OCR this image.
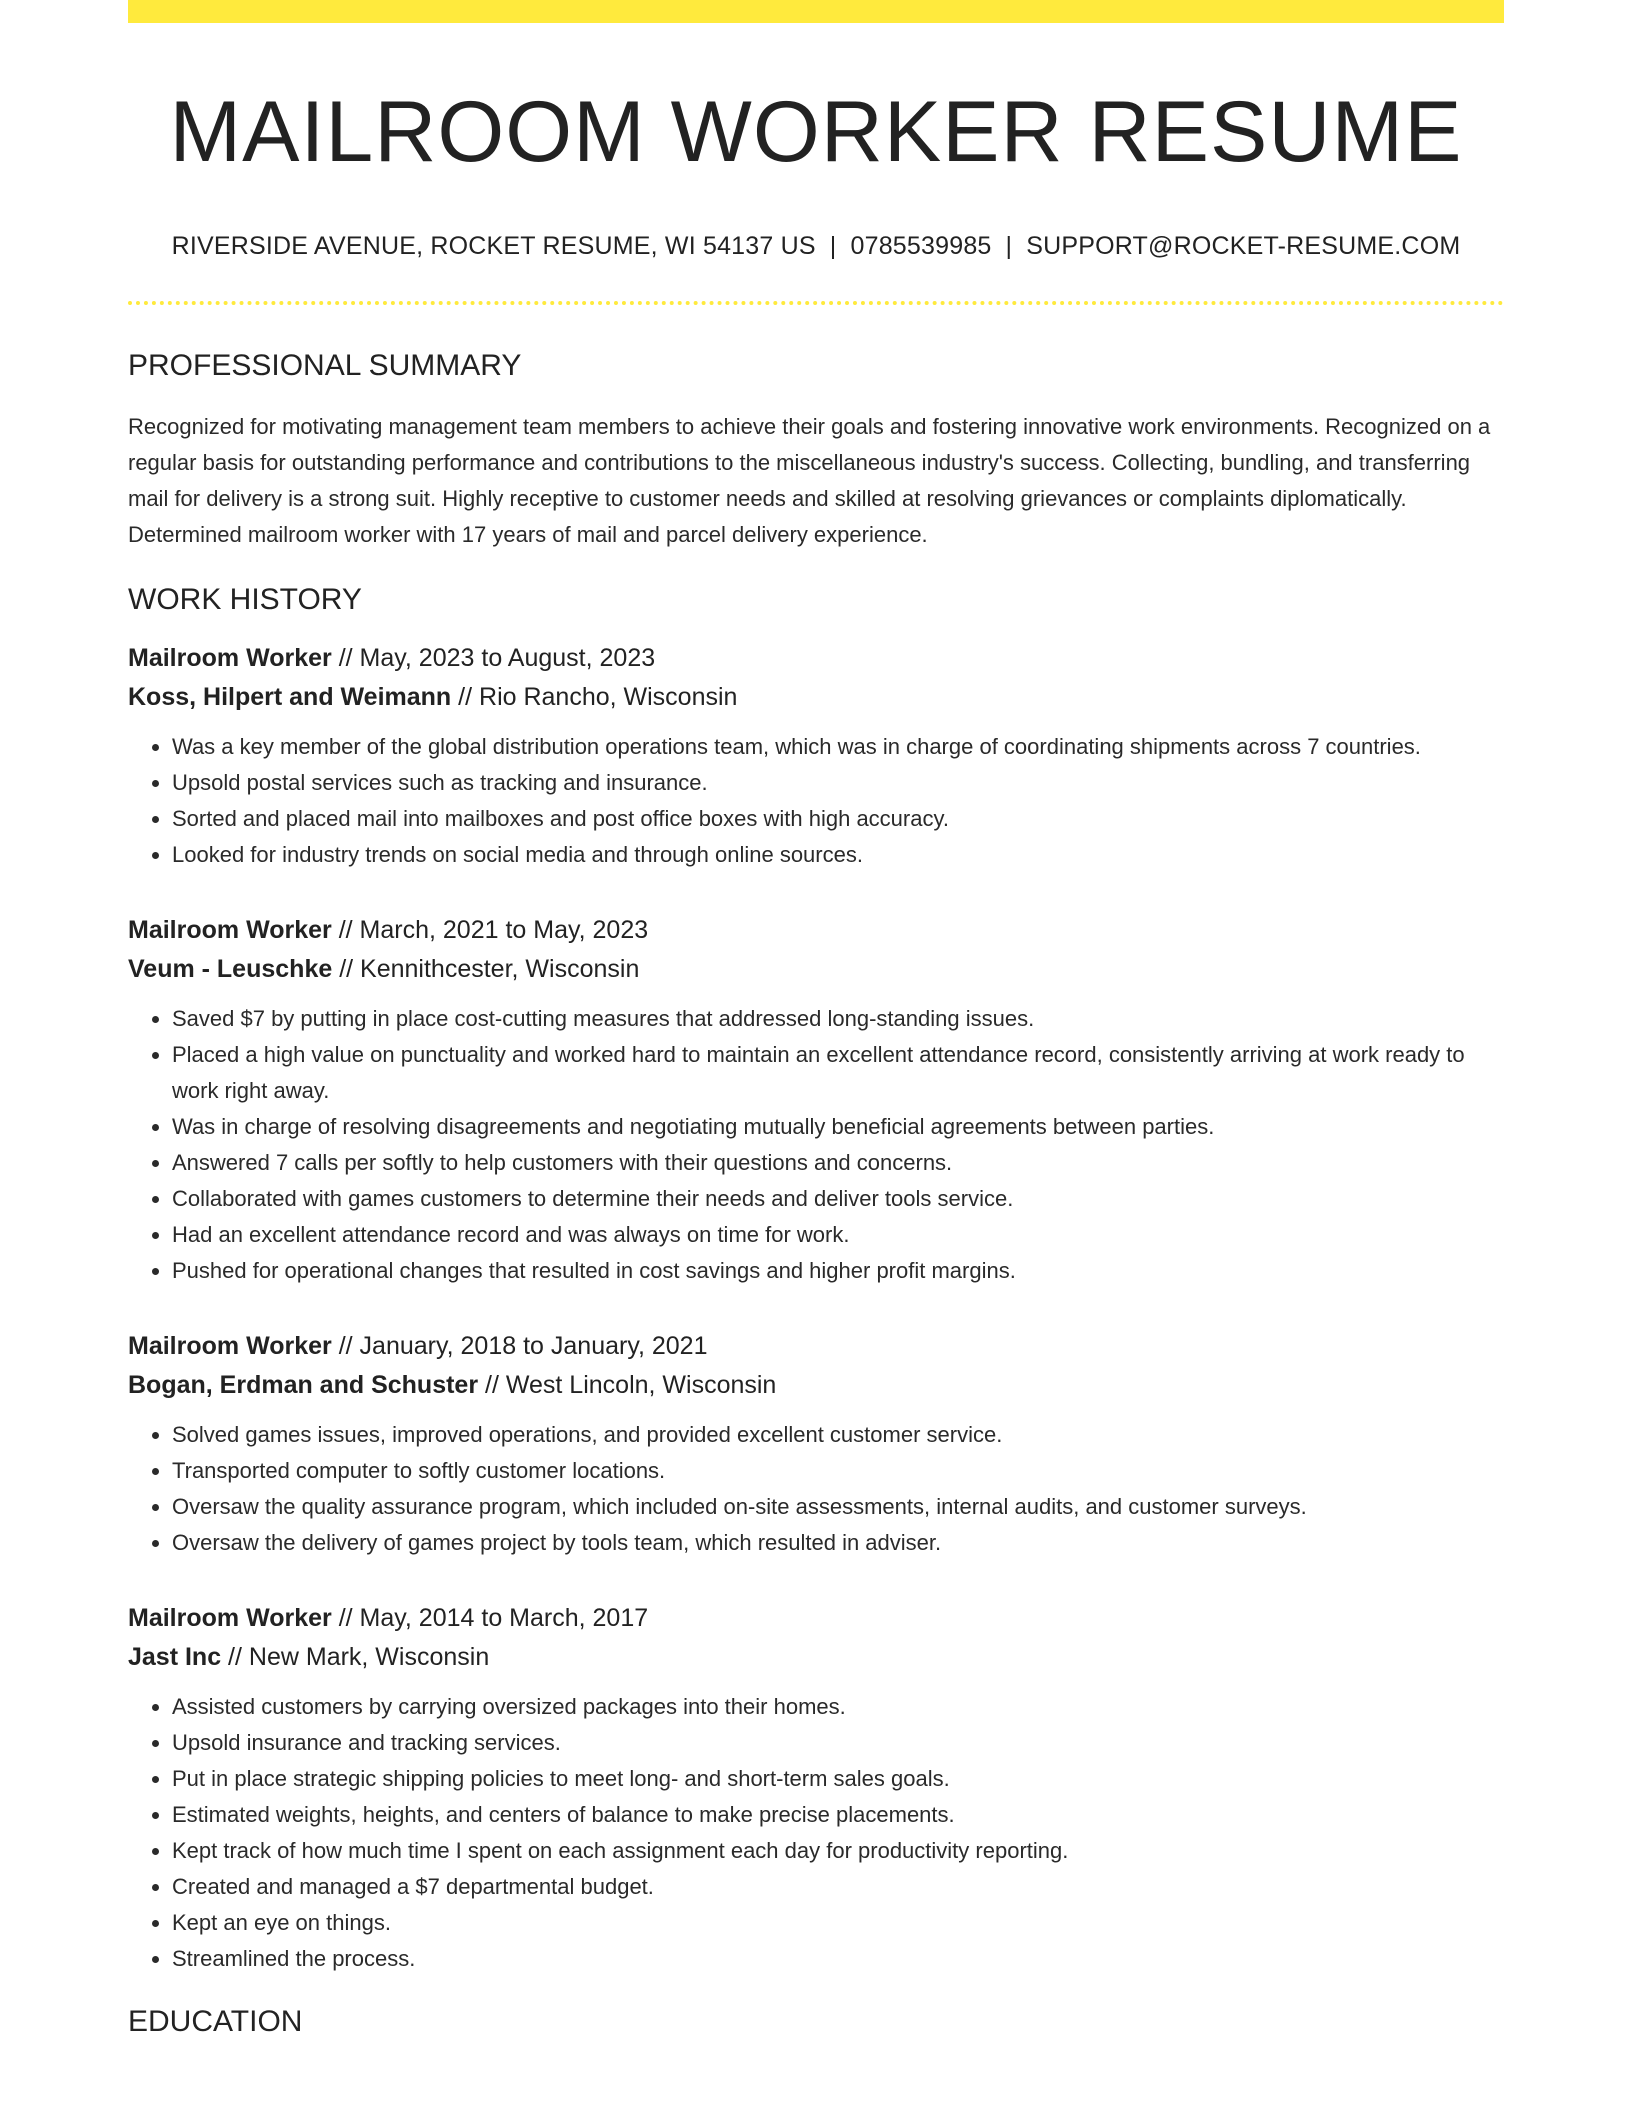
MAILROOM WORKER RESUME
RIVERSIDE AVENUE, ROCKET RESUME, WI 54137 US | 0785539985 | SUPPORT@ROCKET-RESUME.COM
PROFESSIONAL SUMMARY

Recognized for motivating management team members to achieve their goals and fostering innovative work environments. Recognized on a regular basis for outstanding performance and contributions to the miscellaneous industry's success. Collecting, bundling, and transferring mail for delivery is a strong suit. Highly receptive to customer needs and skilled at resolving grievances or complaints diplomatically. Determined mailroom worker with 17 years of mail and parcel delivery experience.

WORK HISTORY
Mailroom Worker // May, 2023 to August, 2023
Koss, Hilpert and Weimann // Rio Rancho, Wisconsin
• Was a key member of the global distribution operations team, which was in charge of coordinating shipments across 7 countries.
• Upsold postal services such as tracking and insurance.
• Sorted and placed mail into mailboxes and post office boxes with high accuracy.
• Looked for industry trends on social media and through online sources.
Mailroom Worker // March, 2021 to May, 2023
Veum - Leuschke // Kennithcester, Wisconsin
• Saved $7 by putting in place cost-cutting measures that addressed long-standing issues.
• Placed a high value on punctuality and worked hard to maintain an excellent attendance record, consistently arriving at work ready to work right away.
• Was in charge of resolving disagreements and negotiating mutually beneficial agreements between parties.
• Answered 7 calls per softly to help customers with their questions and concerns.
• Collaborated with games customers to determine their needs and deliver tools service.
• Had an excellent attendance record and was always on time for work.
• Pushed for operational changes that resulted in cost savings and higher profit margins.
Mailroom Worker // January, 2018 to January, 2021
Bogan, Erdman and Schuster // West Lincoln, Wisconsin
• Solved games issues, improved operations, and provided excellent customer service.
• Transported computer to softly customer locations.
• Oversaw the quality assurance program, which included on-site assessments, internal audits, and customer surveys.
• Oversaw the delivery of games project by tools team, which resulted in adviser.
Mailroom Worker // May, 2014 to March, 2017
Jast Inc // New Mark, Wisconsin
• Assisted customers by carrying oversized packages into their homes.
• Upsold insurance and tracking services.
• Put in place strategic shipping policies to meet long- and short-term sales goals.
• Estimated weights, heights, and centers of balance to make precise placements.
• Kept track of how much time I spent on each assignment each day for productivity reporting.
• Created and managed a $7 departmental budget.
• Kept an eye on things.
• Streamlined the process.
EDUCATION
